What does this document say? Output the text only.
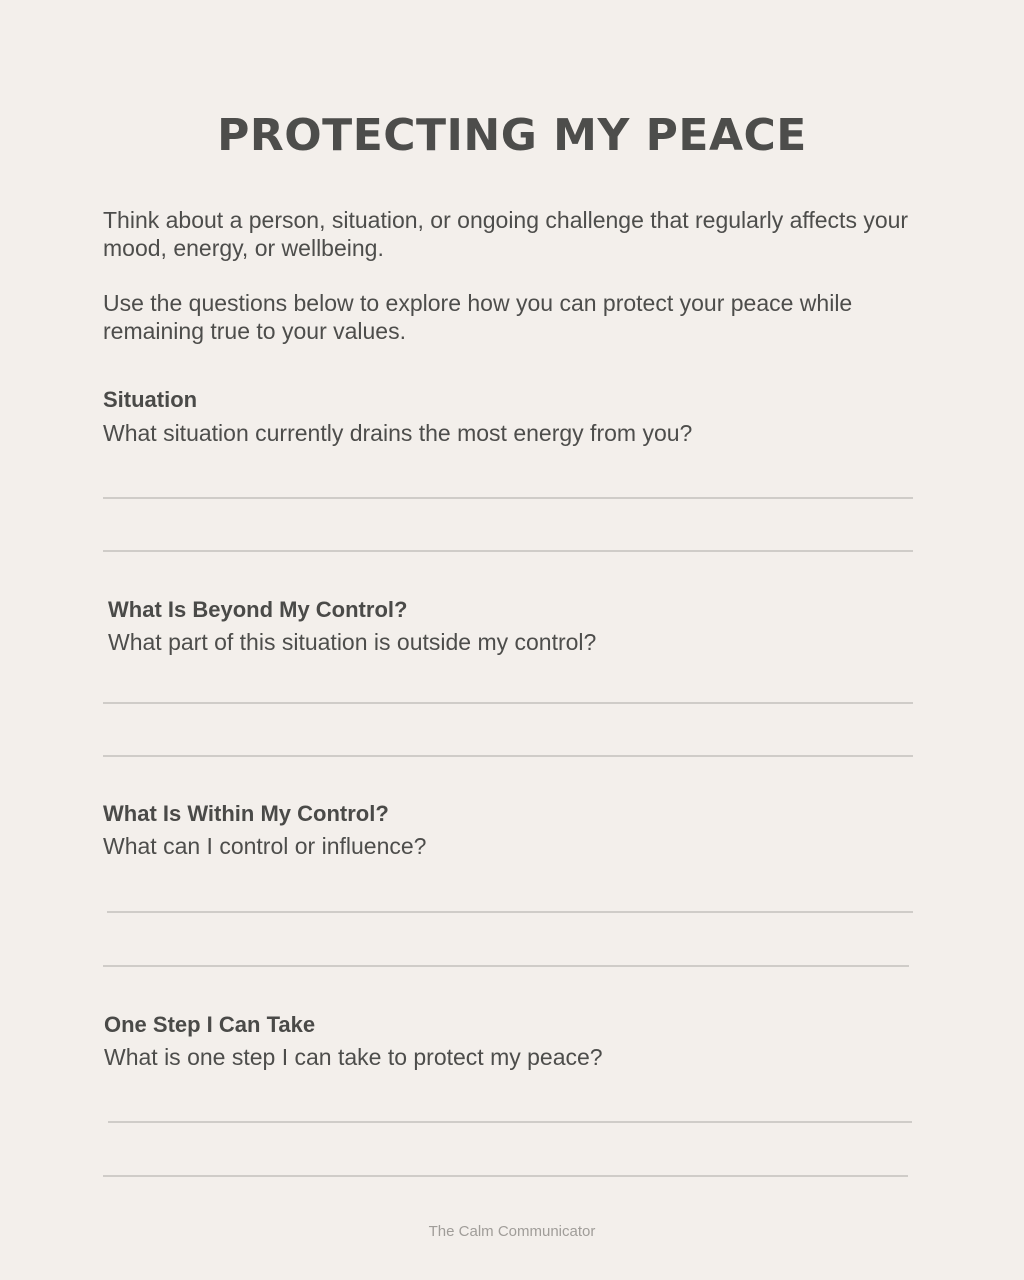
PROTECTING MY PEACE

Think about a person, situation, or ongoing challenge that regularly affects your mood, energy, or wellbeing.

Use the questions below to explore how you can protect your peace while remaining true to your values.

Situation

What situation currently drains the most energy from you?

What Is Beyond My Control?

What part of this situation is outside my control?

What Is Within My Control?

What can I control or influence?

One Step I Can Take

What is one step I can take to protect my peace?

The Calm Communicator
